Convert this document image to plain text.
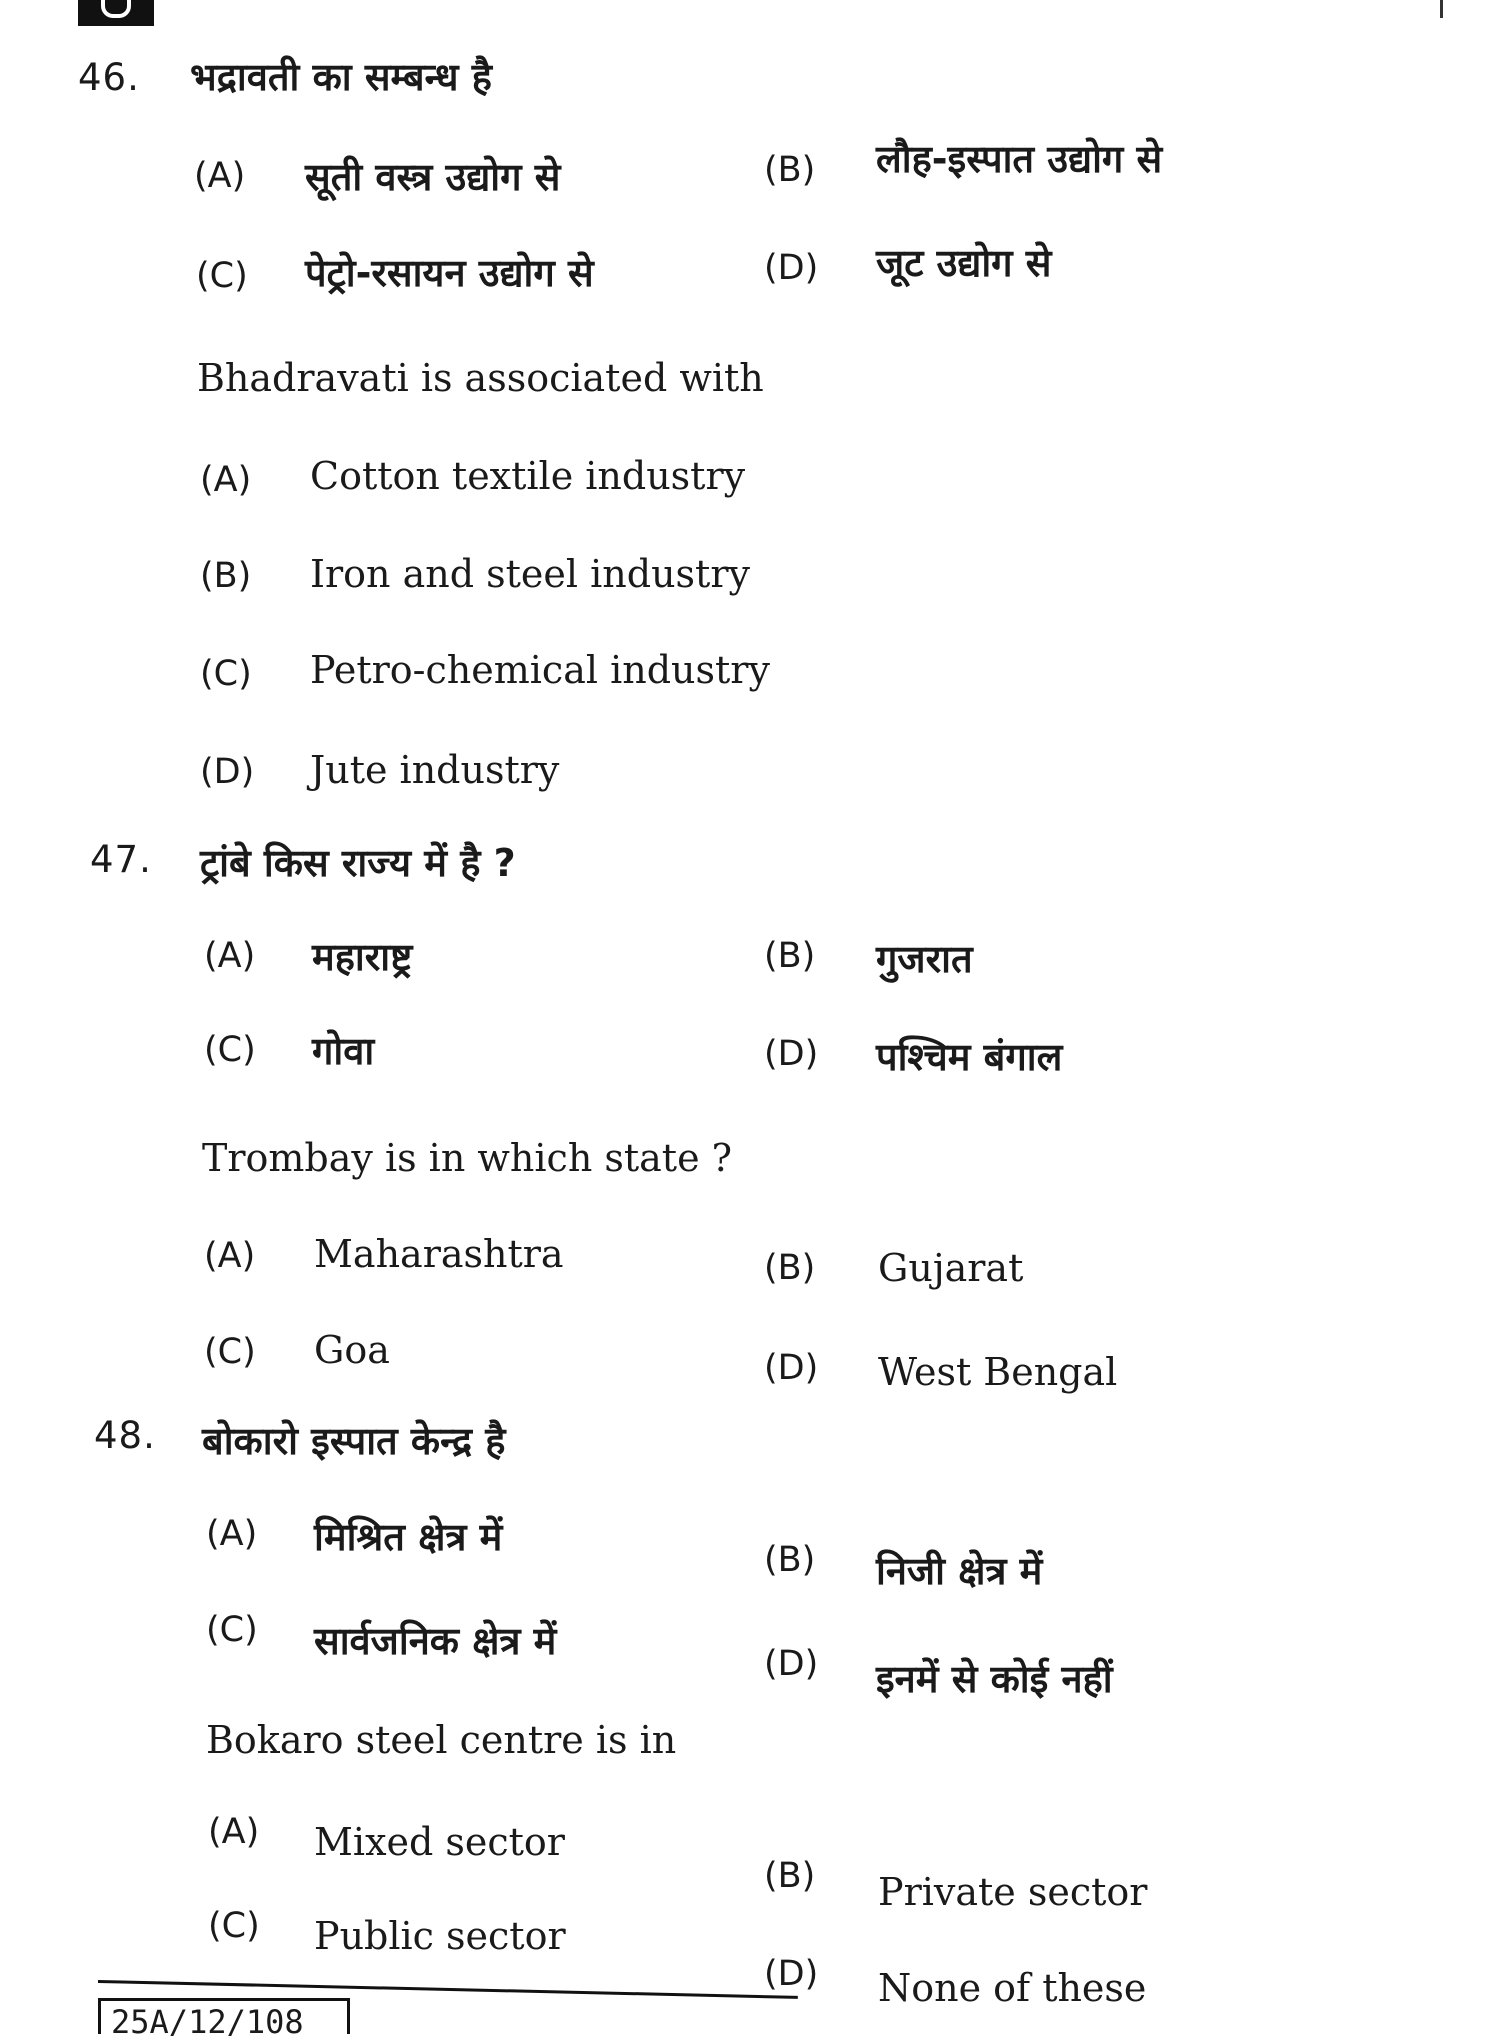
46. भद्रावती का सम्बन्ध है
(A) सूती वस्त्र उद्योग से	(B) लौह-इस्पात उद्योग से
(C) पेट्रो-रसायन उद्योग से	(D) जूट उद्योग से
Bhadravati is associated with
(A) Cotton textile industry
(B) Iron and steel industry
(C) Petro-chemical industry
(D) Jute industry
47. ट्रांबे किस राज्य में है ?
(A) महाराष्ट्र	(B) गुजरात
(C) गोवा	(D) पश्चिम बंगाल
Trombay is in which state ?
(A) Maharashtra	(B) Gujarat
(C) Goa	(D) West Bengal
48. बोकारो इस्पात केन्द्र है
(A) मिश्रित क्षेत्र में
(B) निजी क्षेत्र में
(C) सार्वजनिक क्षेत्र में
(D) इनमें से कोई नहीं
Bokaro steel centre is in
(A) Mixed sector
(B) Private sector
(C) Public sector
(D) None of these
25A/12/108
